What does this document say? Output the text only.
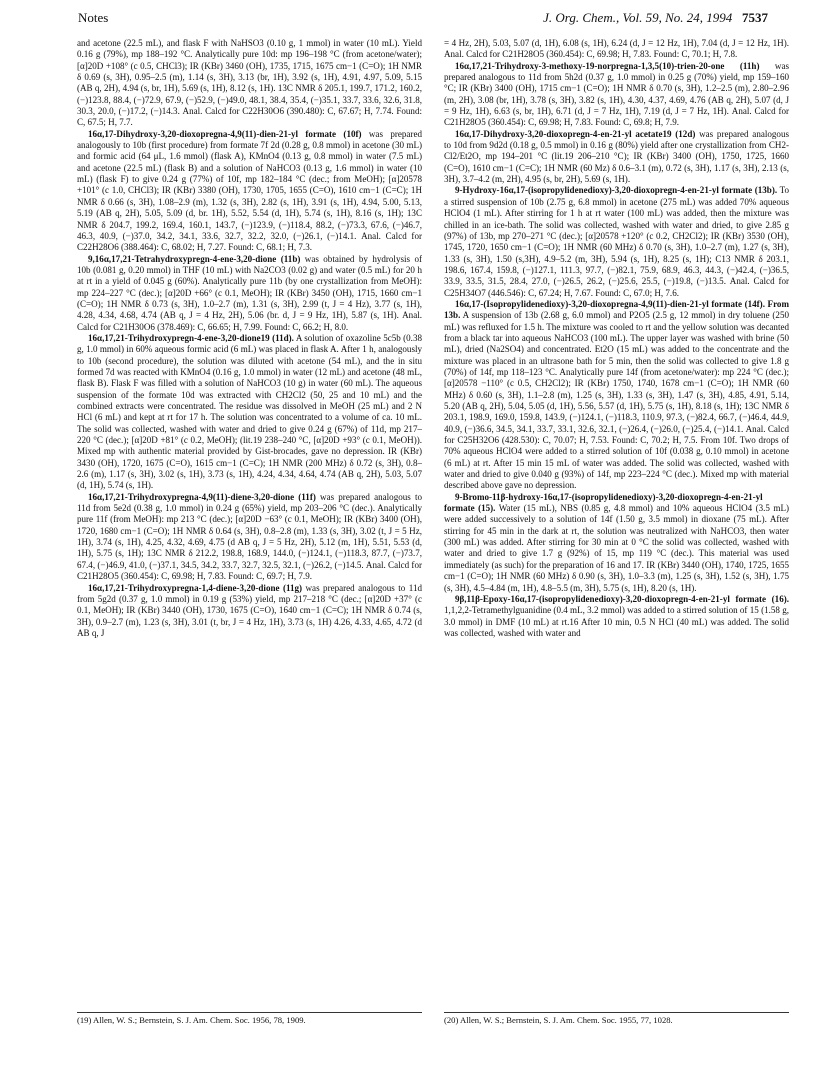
Notes	J. Org. Chem., Vol. 59, No. 24, 1994 7537

and acetone (22.5 mL), and flask F with NaHSO3 (0.10 g, 1 mmol) in water (10 mL). Yield 0.16 g (79%), mp 188–192 °C. Analytically pure 10d: mp 196–198 °C (from acetone/water); [α]20D +108° (c 0.5, CHCl3); IR (KBr) 3460 (OH), 1735, 1715, 1675 cm−1 (C=O); 1H NMR δ 0.69 (s, 3H), 0.95–2.5 (m), 1.14 (s, 3H), 3.13 (br, 1H), 3.92 (s, 1H), 4.91, 4.97, 5.09, 5.15 (AB q, 2H), 4.94 (s, br, 1H), 5.69 (s, 1H), 8.12 (s, 1H). 13C NMR δ 205.1, 199.7, 171.2, 160.2, (−)123.8, 88.4, (−)72.9, 67.9, (−)52.9, (−)49.0, 48.1, 38.4, 35.4, (−)35.1, 33.7, 33.6, 32.6, 31.8, 30.3, 20.0, (−)17.2, (−)14.3. Anal. Calcd for C22H30O6 (390.480): C, 67.67; H, 7.74. Found: C, 67.5; H, 7.7.

16α,17-Dihydroxy-3,20-dioxopregna-4,9(11)-dien-21-yl formate (10f) was prepared analogously to 10b (first procedure) from formate 7f 2d (0.28 g, 0.8 mmol) in acetone (30 mL) and formic acid (64 μL, 1.6 mmol) (flask A), KMnO4 (0.13 g, 0.8 mmol) in water (7.5 mL) and acetone (22.5 mL) (flask B) and a solution of NaHCO3 (0.13 g, 1.6 mmol) in water (10 mL) (flask F) to give 0.24 g (77%) of 10f, mp 182–184 °C (dec.; from MeOH); [α]20578 +101° (c 1.0, CHCl3); IR (KBr) 3380 (OH), 1730, 1705, 1655 (C=O), 1610 cm−1 (C=C); 1H NMR δ 0.66 (s, 3H), 1.08–2.9 (m), 1.32 (s, 3H), 2.82 (s, 1H), 3.91 (s, 1H), 4.94, 5.00, 5.13, 5.19 (AB q, 2H), 5.05, 5.09 (d, br. 1H), 5.52, 5.54 (d, 1H), 5.74 (s, 1H), 8.16 (s, 1H); 13C NMR δ 204.7, 199.2, 169.4, 160.1, 143.7, (−)123.9, (−)118.4, 88.2, (−)73.3, 67.6, (−)46.7, 46.3, 40.9, (−)37.0, 34.2, 34.1, 33.6, 32.7, 32.2, 32.0, (−)26.1, (−)14.1. Anal. Calcd for C22H28O6 (388.464): C, 68.02; H, 7.27. Found: C, 68.1; H, 7.3.

9,16α,17,21-Tetrahydroxypregn-4-ene-3,20-dione (11b) was obtained by hydrolysis of 10b (0.081 g, 0.20 mmol) in THF (10 mL) with Na2CO3 (0.02 g) and water (0.5 mL) for 20 h at rt in a yield of 0.045 g (60%). Analytically pure 11b (by one crystallization from MeOH): mp 224–227 °C (dec.); [α]20D +66° (c 0.1, MeOH); IR (KBr) 3450 (OH), 1715, 1660 cm−1 (C=O); 1H NMR δ 0.73 (s, 3H), 1.0–2.7 (m), 1.31 (s, 3H), 2.99 (t, J = 4 Hz), 3.77 (s, 1H), 4.28, 4.34, 4.68, 4.74 (AB q, J = 4 Hz, 2H), 5.06 (br. d, J = 9 Hz, 1H), 5.87 (s, 1H). Anal. Calcd for C21H30O6 (378.469): C, 66.65; H, 7.99. Found: C, 66.2; H, 8.0.

16α,17,21-Trihydroxypregn-4-ene-3,20-dione19 (11d). A solution of oxazoline 5c5b (0.38 g, 1.0 mmol) in 60% aqueous formic acid (6 mL) was placed in flask A. After 1 h, analogously to 10b (second procedure), the solution was diluted with acetone (54 mL), and the in situ formed 7d was reacted with KMnO4 (0.16 g, 1.0 mmol) in water (12 mL) and acetone (48 mL, flask B). Flask F was filled with a solution of NaHCO3 (10 g) in water (60 mL). The aqueous suspension of the formate 10d was extracted with CH2Cl2 (50, 25 and 10 mL) and the combined extracts were concentrated. The residue was dissolved in MeOH (25 mL) and 2 N HCl (6 mL) and kept at rt for 17 h. The solution was concentrated to a volume of ca. 10 mL. The solid was collected, washed with water and dried to give 0.24 g (67%) of 11d, mp 217–220 °C (dec.); [α]20D +81° (c 0.2, MeOH); (lit.19 238–240 °C, [α]20D +93° (c 0.1, MeOH)). Mixed mp with authentic material provided by Gist-brocades, gave no depression. IR (KBr) 3430 (OH), 1720, 1675 (C=O), 1615 cm−1 (C=C); 1H NMR (200 MHz) δ 0.72 (s, 3H), 0.8–2.6 (m), 1.17 (s, 3H), 3.02 (s, 1H), 3.73 (s, 1H), 4.24, 4.34, 4.64, 4.74 (AB q, 2H), 5.03, 5.07 (d, 1H), 5.74 (s, 1H).

16α,17,21-Trihydroxypregna-4,9(11)-diene-3,20-dione (11f) was prepared analogous to 11d from 5e2d (0.38 g, 1.0 mmol) in 0.24 g (65%) yield, mp 203–206 °C (dec.). Analytically pure 11f (from MeOH): mp 213 °C (dec.); [α]20D −63° (c 0.1, MeOH); IR (KBr) 3400 (OH), 1720, 1680 cm−1 (C=O); 1H NMR δ 0.64 (s, 3H), 0.8–2.8 (m), 1.33 (s, 3H), 3.02 (t, J = 5 Hz, 1H), 3.74 (s, 1H), 4.25, 4.32, 4.69, 4.75 (d AB q, J = 5 Hz, 2H), 5.12 (m, 1H), 5.51, 5.53 (d, 1H), 5.75 (s, 1H); 13C NMR δ 212.2, 198.8, 168.9, 144.0, (−)124.1, (−)118.3, 87.7, (−)73.7, 67.4, (−)46.9, 41.0, (−)37.1, 34.5, 34.2, 33.7, 32.7, 32.5, 32.1, (−)26.2, (−)14.5. Anal. Calcd for C21H28O5 (360.454): C, 69.98; H, 7.83. Found: C, 69.7; H, 7.9.

16α,17,21-Trihydroxypregna-1,4-diene-3,20-dione (11g) was prepared analogous to 11d from 5g2d (0.37 g, 1.0 mmol) in 0.19 g (53%) yield, mp 217–218 °C (dec.; [α]20D +37° (c 0.1, MeOH); IR (KBr) 3440 (OH), 1730, 1675 (C=O), 1640 cm−1 (C=C); 1H NMR δ 0.74 (s, 3H), 0.9–2.7 (m), 1.23 (s, 3H), 3.01 (t, br, J = 4 Hz, 1H), 3.73 (s, 1H) 4.26, 4.33, 4.65, 4.72 (d AB q, J

= 4 Hz, 2H), 5.03, 5.07 (d, 1H), 6.08 (s, 1H), 6.24 (d, J = 12 Hz, 1H), 7.04 (d, J = 12 Hz, 1H). Anal. Calcd for C21H28O5 (360.454): C, 69.98; H, 7.83. Found: C, 70.1; H, 7.8.

16α,17,21-Trihydroxy-3-methoxy-19-norpregna-1,3,5(10)-trien-20-one (11h) was prepared analogous to 11d from 5h2d (0.37 g, 1.0 mmol) in 0.25 g (70%) yield, mp 159–160 °C; IR (KBr) 3400 (OH), 1715 cm−1 (C=O); 1H NMR δ 0.70 (s, 3H), 1.2–2.5 (m), 2.80–2.96 (m, 2H), 3.08 (br, 1H), 3.78 (s, 3H), 3.82 (s, 1H), 4.30, 4.37, 4.69, 4.76 (AB q, 2H), 5.07 (d, J = 9 Hz, 1H), 6.63 (s, br, 1H), 6.71 (d, J = 7 Hz, 1H), 7.19 (d, J = 7 Hz, 1H). Anal. Calcd for C21H28O5 (360.454): C, 69.98; H, 7.83. Found: C, 69.8; H, 7.9.

16α,17-Dihydroxy-3,20-dioxopregn-4-en-21-yl acetate19 (12d) was prepared analogous to 10d from 9d2d (0.18 g, 0.5 mmol) in 0.16 g (80%) yield after one crystallization from CH2-Cl2/Et2O, mp 194–201 °C (lit.19 206–210 °C); IR (KBr) 3400 (OH), 1750, 1725, 1660 (C=O), 1610 cm−1 (C=C); 1H NMR (60 Mz) δ 0.6–3.1 (m), 0.72 (s, 3H), 1.17 (s, 3H), 2.13 (s, 3H), 3.7–4.2 (m, 2H), 4.95 (s, br, 2H), 5.69 (s, 1H).

9-Hydroxy-16α,17-(isopropylidenedioxy)-3,20-dioxopregn-4-en-21-yl formate (13b). To a stirred suspension of 10b (2.75 g, 6.8 mmol) in acetone (275 mL) was added 70% aqueous HClO4 (1 mL). After stirring for 1 h at rt water (100 mL) was added, then the mixture was chilled in an ice-bath. The solid was collected, washed with water and dried, to give 2.85 g (97%) of 13b, mp 270–271 °C (dec.); [α]20578 +120° (c 0.2, CH2Cl2); IR (KBr) 3530 (OH), 1745, 1720, 1650 cm−1 (C=O); 1H NMR (60 MHz) δ 0.70 (s, 3H), 1.0–2.7 (m), 1.27 (s, 3H), 1.33 (s, 3H), 1.50 (s,3H), 4.9–5.2 (m, 3H), 5.94 (s, 1H), 8.25 (s, 1H); C13 NMR δ 203.1, 198.6, 167.4, 159.8, (−)127.1, 111.3, 97.7, (−)82.1, 75.9, 68.9, 46.3, 44.3, (−)42.4, (−)36.5, 33.9, 33.5, 31.5, 28.4, 27.0, (−)26.5, 26.2, (−)25.6, 25.5, (−)19.8, (−)13.5. Anal. Calcd for C25H34O7 (446.546): C, 67.24; H, 7.67. Found: C, 67.0; H, 7.6.

16α,17-(Isopropylidenedioxy)-3,20-dioxopregna-4,9(11)-dien-21-yl formate (14f). From 13b. A suspension of 13b (2.68 g, 6.0 mmol) and P2O5 (2.5 g, 12 mmol) in dry toluene (250 mL) was refluxed for 1.5 h. The mixture was cooled to rt and the yellow solution was decanted from a black tar into aqueous NaHCO3 (100 mL). The upper layer was washed with brine (50 mL), dried (Na2SO4) and concentrated. Et2O (15 mL) was added to the concentrate and the mixture was placed in an ultrasone bath for 5 min, then the solid was collected to give 1.8 g (70%) of 14f, mp 118–123 °C. Analytically pure 14f (from acetone/water): mp 224 °C (dec.); [α]20578 −110° (c 0.5, CH2Cl2); IR (KBr) 1750, 1740, 1678 cm−1 (C=O); 1H NMR (60 MHz) δ 0.60 (s, 3H), 1.1–2.8 (m), 1.25 (s, 3H), 1.33 (s, 3H), 1.47 (s, 3H), 4.85, 4.91, 5.14, 5.20 (AB q, 2H), 5.04, 5.05 (d, 1H), 5.56, 5.57 (d, 1H), 5.75 (s, 1H), 8.18 (s, 1H); 13C NMR δ 203.1, 198.9, 169.0, 159.8, 143.9, (−)124.1, (−)118.3, 110.9, 97.3, (−)82.4, 66.7, (−)46.4, 44.9, 40.9, (−)36.6, 34.5, 34.1, 33.7, 33.1, 32.6, 32.1, (−)26.4, (−)26.0, (−)25.4, (−)14.1. Anal. Calcd for C25H32O6 (428.530): C, 70.07; H, 7.53. Found: C, 70.2; H, 7.5. From 10f. Two drops of 70% aqueous HClO4 were added to a stirred solution of 10f (0.038 g, 0.10 mmol) in acetone (6 mL) at rt. After 15 min 15 mL of water was added. The solid was collected, washed with water and dried to give 0.040 g (93%) of 14f, mp 223–224 °C (dec.). Mixed mp with material described above gave no depression.

9-Bromo-11β-hydroxy-16α,17-(isopropylidenedioxy)-3,20-dioxopregn-4-en-21-yl formate (15). Water (15 mL), NBS (0.85 g, 4.8 mmol) and 10% aqueous HClO4 (3.5 mL) were added successively to a solution of 14f (1.50 g, 3.5 mmol) in dioxane (75 mL). After stirring for 45 min in the dark at rt, the solution was neutralized with NaHCO3, then water (300 mL) was added. After stirring for 30 min at 0 °C the solid was collected, washed with water and dried to give 1.7 g (92%) of 15, mp 119 °C (dec.). This material was used immediately (as such) for the preparation of 16 and 17. IR (KBr) 3440 (OH), 1740, 1725, 1655 cm−1 (C=O); 1H NMR (60 MHz) δ 0.90 (s, 3H), 1.0–3.3 (m), 1.25 (s, 3H), 1.52 (s, 3H), 1.75 (s, 3H), 4.5–4.84 (m, 1H), 4.8–5.5 (m, 3H), 5.75 (s, 1H), 8.20 (s, 1H).

9β,11β-Epoxy-16α,17-(isopropylidenedioxy)-3,20-dioxopregn-4-en-21-yl formate (16). 1,1,2,2-Tetramethylguanidine (0.4 mL, 3.2 mmol) was added to a stirred solution of 15 (1.58 g, 3.0 mmol) in DMF (10 mL) at rt.16 After 10 min, 0.5 N HCl (40 mL) was added. The solid was collected, washed with water and

(19) Allen, W. S.; Bernstein, S. J. Am. Chem. Soc. 1956, 78, 1909.	(20) Allen, W. S.; Bernstein, S. J. Am. Chem. Soc. 1955, 77, 1028.
